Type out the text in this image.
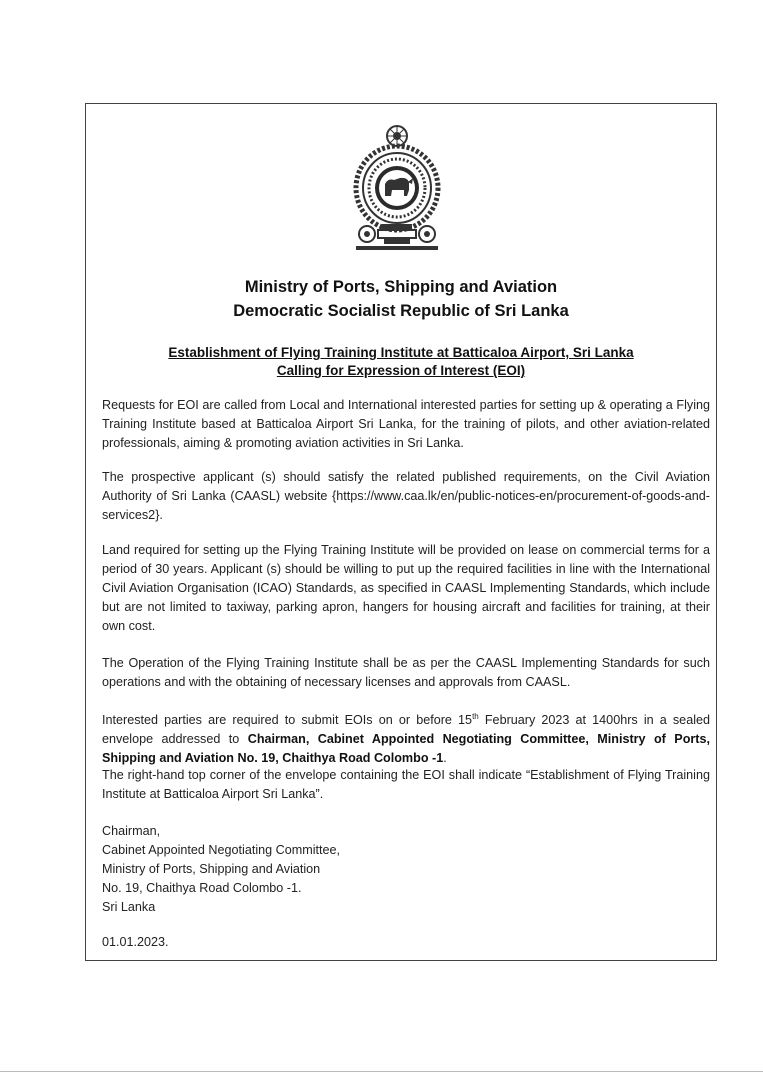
Ministry of Ports, Shipping and Aviation
Democratic Socialist Republic of Sri Lanka
Establishment of Flying Training Institute at Batticaloa Airport, Sri Lanka
Calling for Expression of Interest (EOI)
Requests for EOI are called from Local and International interested parties for setting up & operating a Flying Training Institute based at Batticaloa Airport Sri Lanka, for the training of pilots, and other aviation-related professionals, aiming & promoting aviation activities in Sri Lanka.
The prospective applicant (s) should satisfy the related published requirements, on the Civil Aviation Authority of Sri Lanka (CAASL) website {https://www.caa.lk/en/public-notices-en/procurement-of-goods-and-services2}.
Land required for setting up the Flying Training Institute will be provided on lease on commercial terms for a period of 30 years. Applicant (s) should be willing to put up the required facilities in line with the International Civil Aviation Organisation (ICAO) Standards, as specified in CAASL Implementing Standards, which include but are not limited to taxiway, parking apron, hangers for housing aircraft and facilities for training, at their own cost.
The Operation of the Flying Training Institute shall be as per the CAASL Implementing Standards for such operations and with the obtaining of necessary licenses and approvals from CAASL.
Interested parties are required to submit EOIs on or before 15th February 2023 at 1400hrs in a sealed envelope addressed to Chairman, Cabinet Appointed Negotiating Committee, Ministry of Ports, Shipping and Aviation No. 19, Chaithya Road Colombo -1.
The right-hand top corner of the envelope containing the EOI shall indicate “Establishment of Flying Training Institute at Batticaloa Airport Sri Lanka”.
Chairman,
Cabinet Appointed Negotiating Committee,
Ministry of Ports, Shipping and Aviation
No. 19, Chaithya Road Colombo -1.
Sri Lanka
01.01.2023.
